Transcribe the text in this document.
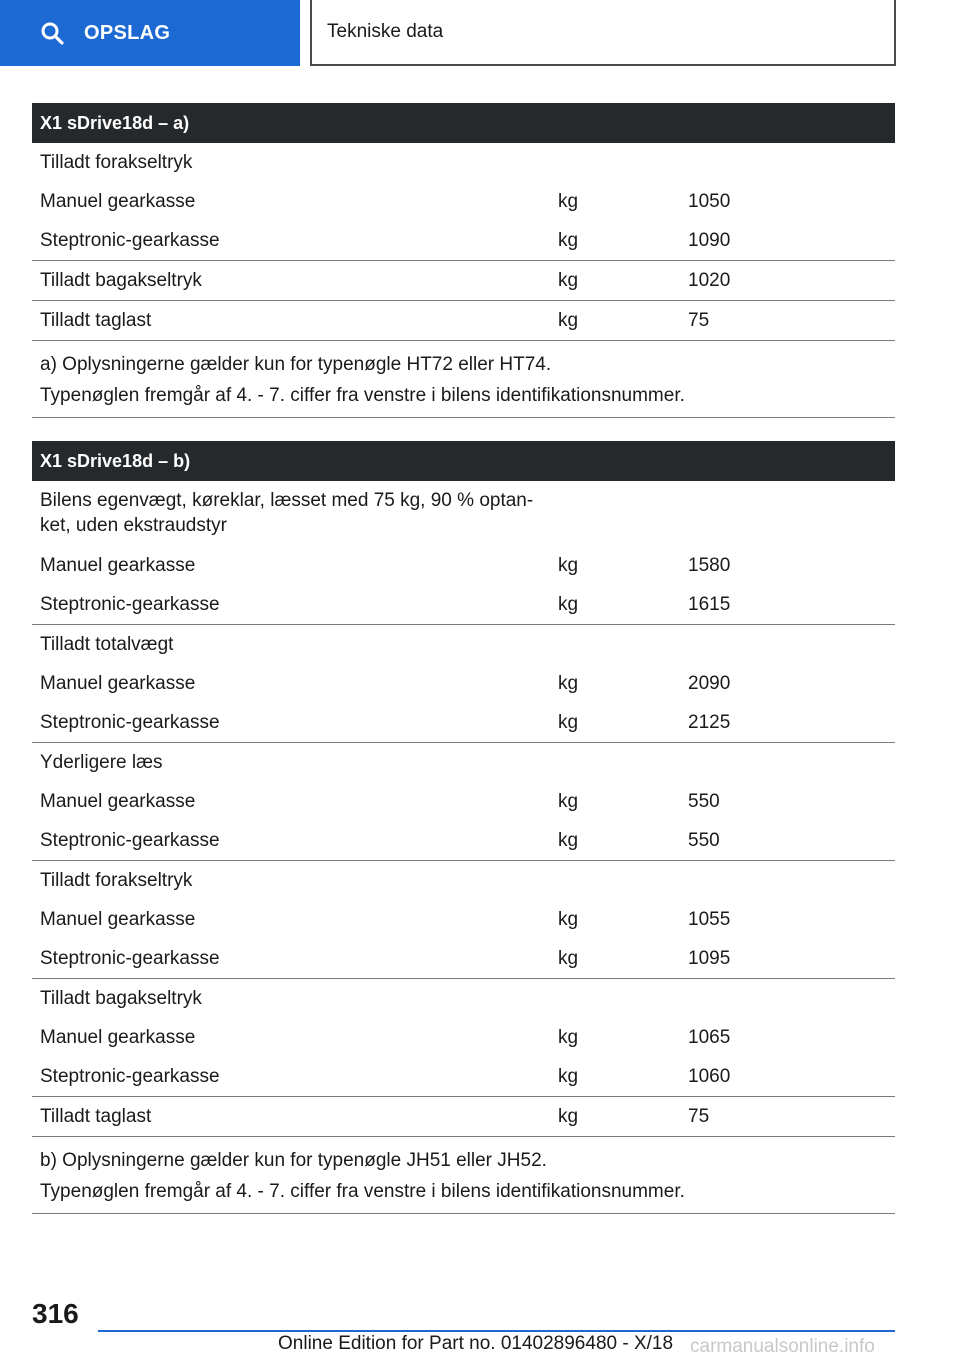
OPSLAG	Tekniske data
X1 sDrive18d – a)
Tilladt forakseltryk
Manuel gearkasse	kg	1050
Steptronic-gearkasse	kg	1090
Tilladt bagakseltryk	kg	1020
Tilladt taglast	kg	75
a) Oplysningerne gælder kun for typenøgle HT72 eller HT74.
Typenøglen fremgår af 4. - 7. ciffer fra venstre i bilens identifikationsnummer.
X1 sDrive18d – b)
Bilens egenvægt, køreklar, læsset med 75 kg, 90 % optanket, uden ekstraudstyr
Manuel gearkasse	kg	1580
Steptronic-gearkasse	kg	1615
Tilladt totalvægt
Manuel gearkasse	kg	2090
Steptronic-gearkasse	kg	2125
Yderligere læs
Manuel gearkasse	kg	550
Steptronic-gearkasse	kg	550
Tilladt forakseltryk
Manuel gearkasse	kg	1055
Steptronic-gearkasse	kg	1095
Tilladt bagakseltryk
Manuel gearkasse	kg	1065
Steptronic-gearkasse	kg	1060
Tilladt taglast	kg	75
b) Oplysningerne gælder kun for typenøgle JH51 eller JH52.
Typenøglen fremgår af 4. - 7. ciffer fra venstre i bilens identifikationsnummer.
316
Online Edition for Part no. 01402896480 - X/18 carmanualsonline.info
